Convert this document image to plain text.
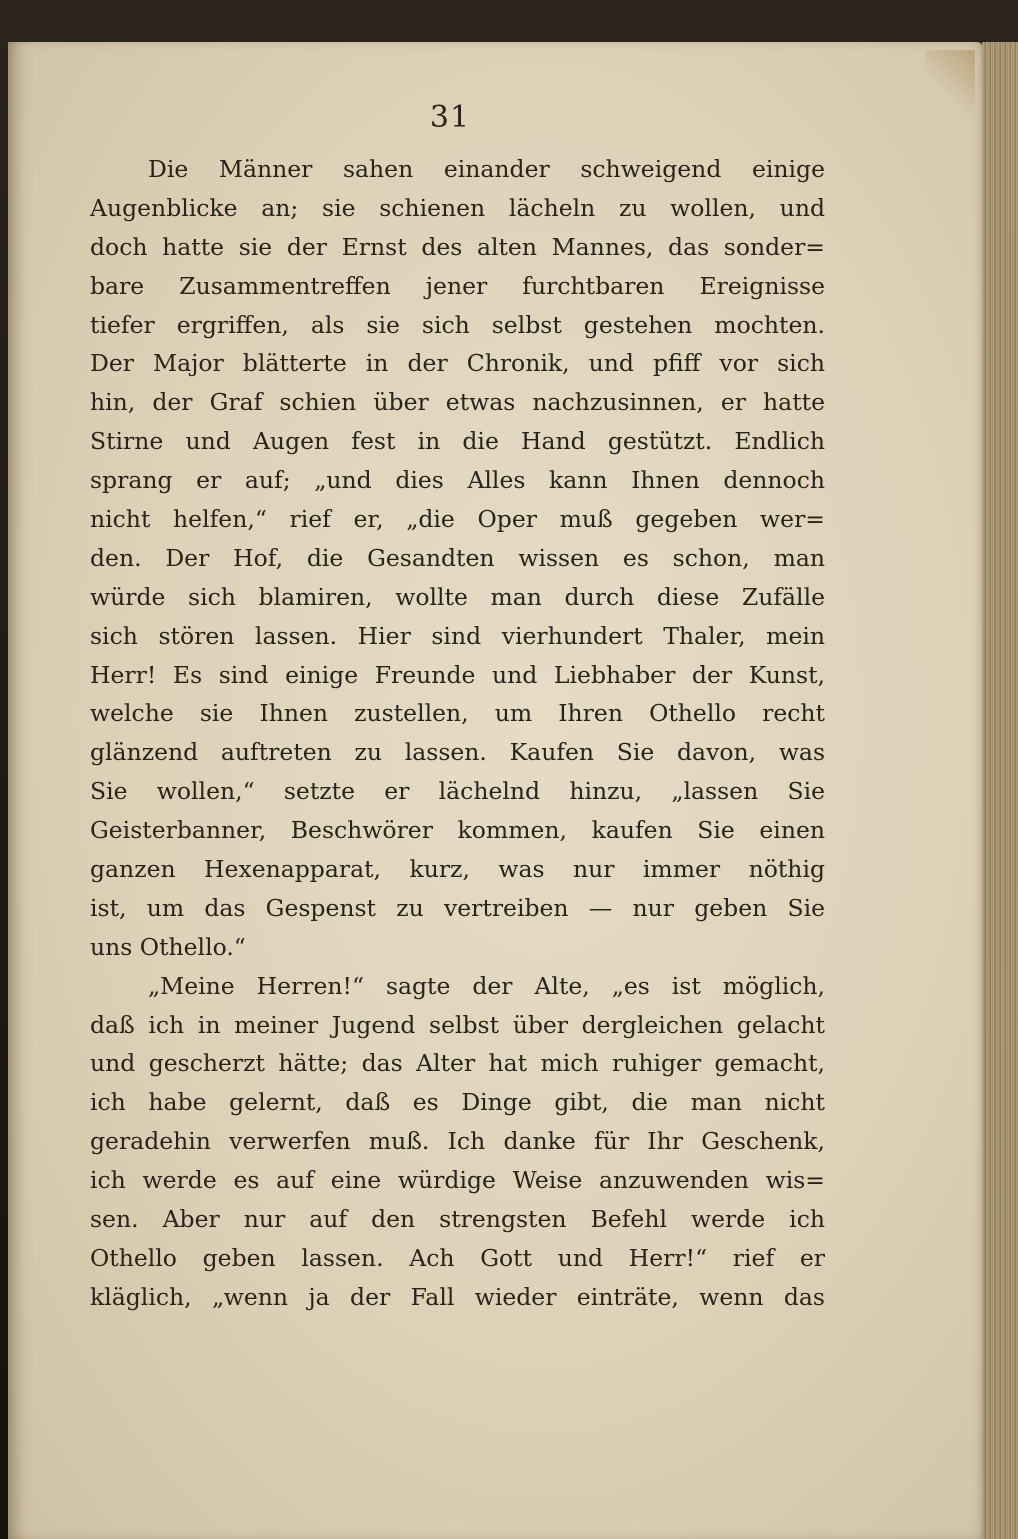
31
Die Männer sahen einander schweigend einige
Augenblicke an; sie schienen lächeln zu wollen, und
doch hatte sie der Ernst des alten Mannes, das sonder=
bare Zusammentreffen jener furchtbaren Ereignisse
tiefer ergriffen, als sie sich selbst gestehen mochten.
Der Major blätterte in der Chronik, und pfiff vor sich
hin, der Graf schien über etwas nachzusinnen, er hatte
Stirne und Augen fest in die Hand gestützt. Endlich
sprang er auf; „und dies Alles kann Ihnen dennoch
nicht helfen,“ rief er, „die Oper muß gegeben wer=
den. Der Hof, die Gesandten wissen es schon, man
würde sich blamiren, wollte man durch diese Zufälle
sich stören lassen. Hier sind vierhundert Thaler, mein
Herr! Es sind einige Freunde und Liebhaber der Kunst,
welche sie Ihnen zustellen, um Ihren Othello recht
glänzend auftreten zu lassen. Kaufen Sie davon, was
Sie wollen,“ setzte er lächelnd hinzu, „lassen Sie
Geisterbanner, Beschwörer kommen, kaufen Sie einen
ganzen Hexenapparat, kurz, was nur immer nöthig
ist, um das Gespenst zu vertreiben — nur geben Sie
uns Othello.“
„Meine Herren!“ sagte der Alte, „es ist möglich,
daß ich in meiner Jugend selbst über dergleichen gelacht
und gescherzt hätte; das Alter hat mich ruhiger gemacht,
ich habe gelernt, daß es Dinge gibt, die man nicht
geradehin verwerfen muß. Ich danke für Ihr Geschenk,
ich werde es auf eine würdige Weise anzuwenden wis=
sen. Aber nur auf den strengsten Befehl werde ich
Othello geben lassen. Ach Gott und Herr!“ rief er
kläglich, „wenn ja der Fall wieder einträte, wenn das
